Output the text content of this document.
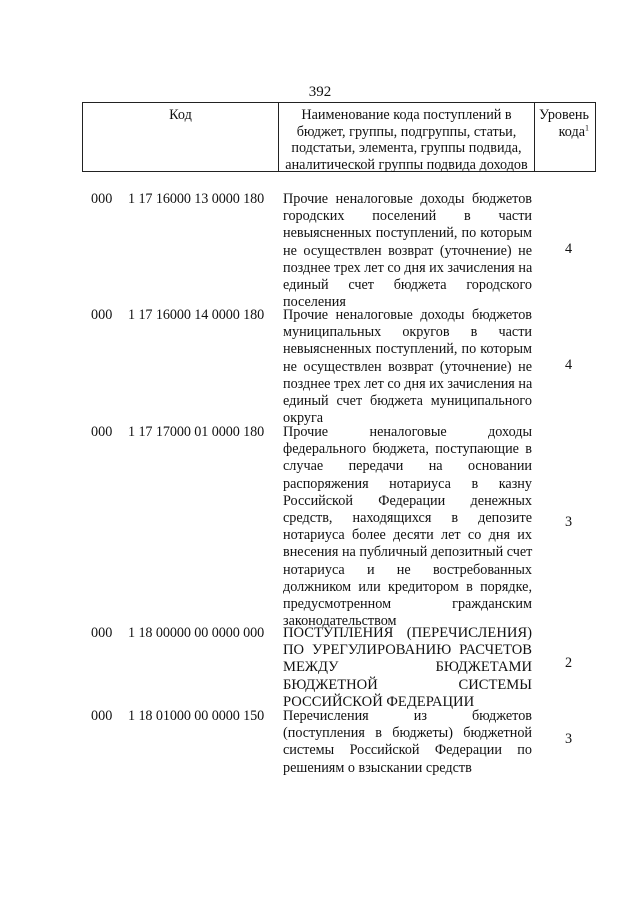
392
Код	Наименование кода поступлений в
бюджет, группы, подгруппы, статьи,
подстатьи, элемента, группы подвида,
аналитической группы подвида доходов
Уровень
кода$^1$
000 1 17 16000 13 0000 180 Прочие неналоговые доходы бюджетов
городских поселений в части
невыясненных поступлений, по которым
не осуществлен возврат (уточнение) не
позднее трех лет со дня их зачисления на
единый счет бюджета городского
поселения
4
000 1 17 16000 14 0000 180 Прочие неналоговые доходы бюджетов
муниципальных округов в части
невыясненных поступлений, по которым
не осуществлен возврат (уточнение) не
позднее трех лет со дня их зачисления на
единый счет бюджета муниципального
округа
4
000 1 17 17000 01 0000 180 Прочие неналоговые доходы
федерального бюджета, поступающие в
случае передачи на основании
распоряжения нотариуса в казну
Российской Федерации денежных
средств, находящихся в депозите
нотариуса более десяти лет со дня их
внесения на публичный депозитный счет
нотариуса и не востребованных
должником или кредитором в порядке,
предусмотренном гражданским
законодательством
3
000 1 18 00000 00 0000 000 ПОСТУПЛЕНИЯ (ПЕРЕЧИСЛЕНИЯ)
ПО УРЕГУЛИРОВАНИЮ РАСЧЕТОВ
МЕЖДУ БЮДЖЕТАМИ
БЮДЖЕТНОЙ СИСТЕМЫ
РОССИЙСКОЙ ФЕДЕРАЦИИ
2
000 1 18 01000 00 0000 150 Перечисления из бюджетов
(поступления в бюджеты) бюджетной
системы Российской Федерации по
решениям о взыскании средств
3
